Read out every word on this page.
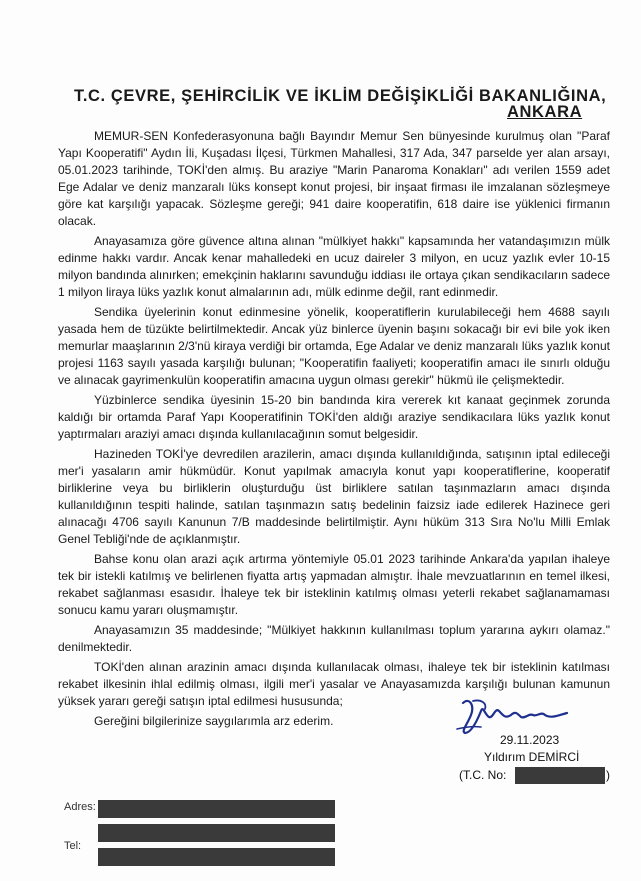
T.C. ÇEVRE, ŞEHİRCİLİK VE İKLİM DEĞİŞİKLİĞİ BAKANLIĞINA,
ANKARA

MEMUR-SEN Konfederasyonuna bağlı Bayındır Memur Sen bünyesinde kurulmuş olan "Paraf Yapı Kooperatifi" Aydın İli, Kuşadası İlçesi, Türkmen Mahallesi, 317 Ada, 347 parselde yer alan arsayı, 05.01.2023 tarihinde, TOKİ'den almış. Bu araziye "Marin Panaroma Konakları" adı verilen 1559 adet Ege Adalar ve deniz manzaralı lüks konsept konut projesi, bir inşaat firması ile imzalanan sözleşmeye göre kat karşılığı yapacak. Sözleşme gereği; 941 daire kooperatifin, 618 daire ise yüklenici firmanın olacak.

Anayasamıza göre güvence altına alınan "mülkiyet hakkı" kapsamında her vatandaşımızın mülk edinme hakkı vardır. Ancak kenar mahalledeki en ucuz daireler 3 milyon, en ucuz yazlık evler 10-15 milyon bandında alınırken; emekçinin haklarını savunduğu iddiası ile ortaya çıkan sendikacıların sadece 1 milyon liraya lüks yazlık konut almalarının adı, mülk edinme değil, rant edinmedir.

Sendika üyelerinin konut edinmesine yönelik, kooperatiflerin kurulabileceği hem 4688 sayılı yasada hem de tüzükte belirtilmektedir. Ancak yüz binlerce üyenin başını sokacağı bir evi bile yok iken memurlar maaşlarının 2/3'nü kiraya verdiği bir ortamda, Ege Adalar ve deniz manzaralı lüks yazlık konut projesi 1163 sayılı yasada karşılığı bulunan; "Kooperatifin faaliyeti; kooperatifin amacı ile sınırlı olduğu ve alınacak gayrimenkulün kooperatifin amacına uygun olması gerekir" hükmü ile çelişmektedir.

Yüzbinlerce sendika üyesinin 15-20 bin bandında kira vererek kıt kanaat geçinmek zorunda kaldığı bir ortamda Paraf Yapı Kooperatifinin TOKİ'den aldığı araziye sendikacılara lüks yazlık konut yaptırmaları araziyi amacı dışında kullanılacağının somut belgesidir.

Hazineden TOKİ'ye devredilen arazilerin, amacı dışında kullanıldığında, satışının iptal edileceği mer'i yasaların amir hükmüdür. Konut yapılmak amacıyla konut yapı kooperatiflerine, kooperatif birliklerine veya bu birliklerin oluşturduğu üst birliklere satılan taşınmazların amacı dışında kullanıldığının tespiti halinde, satılan taşınmazın satış bedelinin faizsiz iade edilerek Hazinece geri alınacağı 4706 sayılı Kanunun 7/B maddesinde belirtilmiştir. Aynı hüküm 313 Sıra No'lu Milli Emlak Genel Tebliği'nde de açıklanmıştır.

Bahse konu olan arazi açık artırma yöntemiyle 05.01 2023 tarihinde Ankara'da yapılan ihaleye tek bir istekli katılmış ve belirlenen fiyatta artış yapmadan almıştır. İhale mevzuatlarının en temel ilkesi, rekabet sağlanması esasıdır. İhaleye tek bir isteklinin katılmış olması yeterli rekabet sağlanamaması sonucu kamu yararı oluşmamıştır.

Anayasamızın 35 maddesinde; "Mülkiyet hakkının kullanılması toplum yararına aykırı olamaz." denilmektedir.

TOKİ'den alınan arazinin amacı dışında kullanılacak olması, ihaleye tek bir isteklinin katılması rekabet ilkesinin ihlal edilmiş olması, ilgili mer'i yasalar ve Anayasamızda karşılığı bulunan kamunun yüksek yararı gereği satışın iptal edilmesi hususunda;

Gereğini bilgilerinize saygılarımla arz ederim.

29.11.2023
Yıldırım DEMİRCİ
(T.C. No:	)
Adres:
Tel:
